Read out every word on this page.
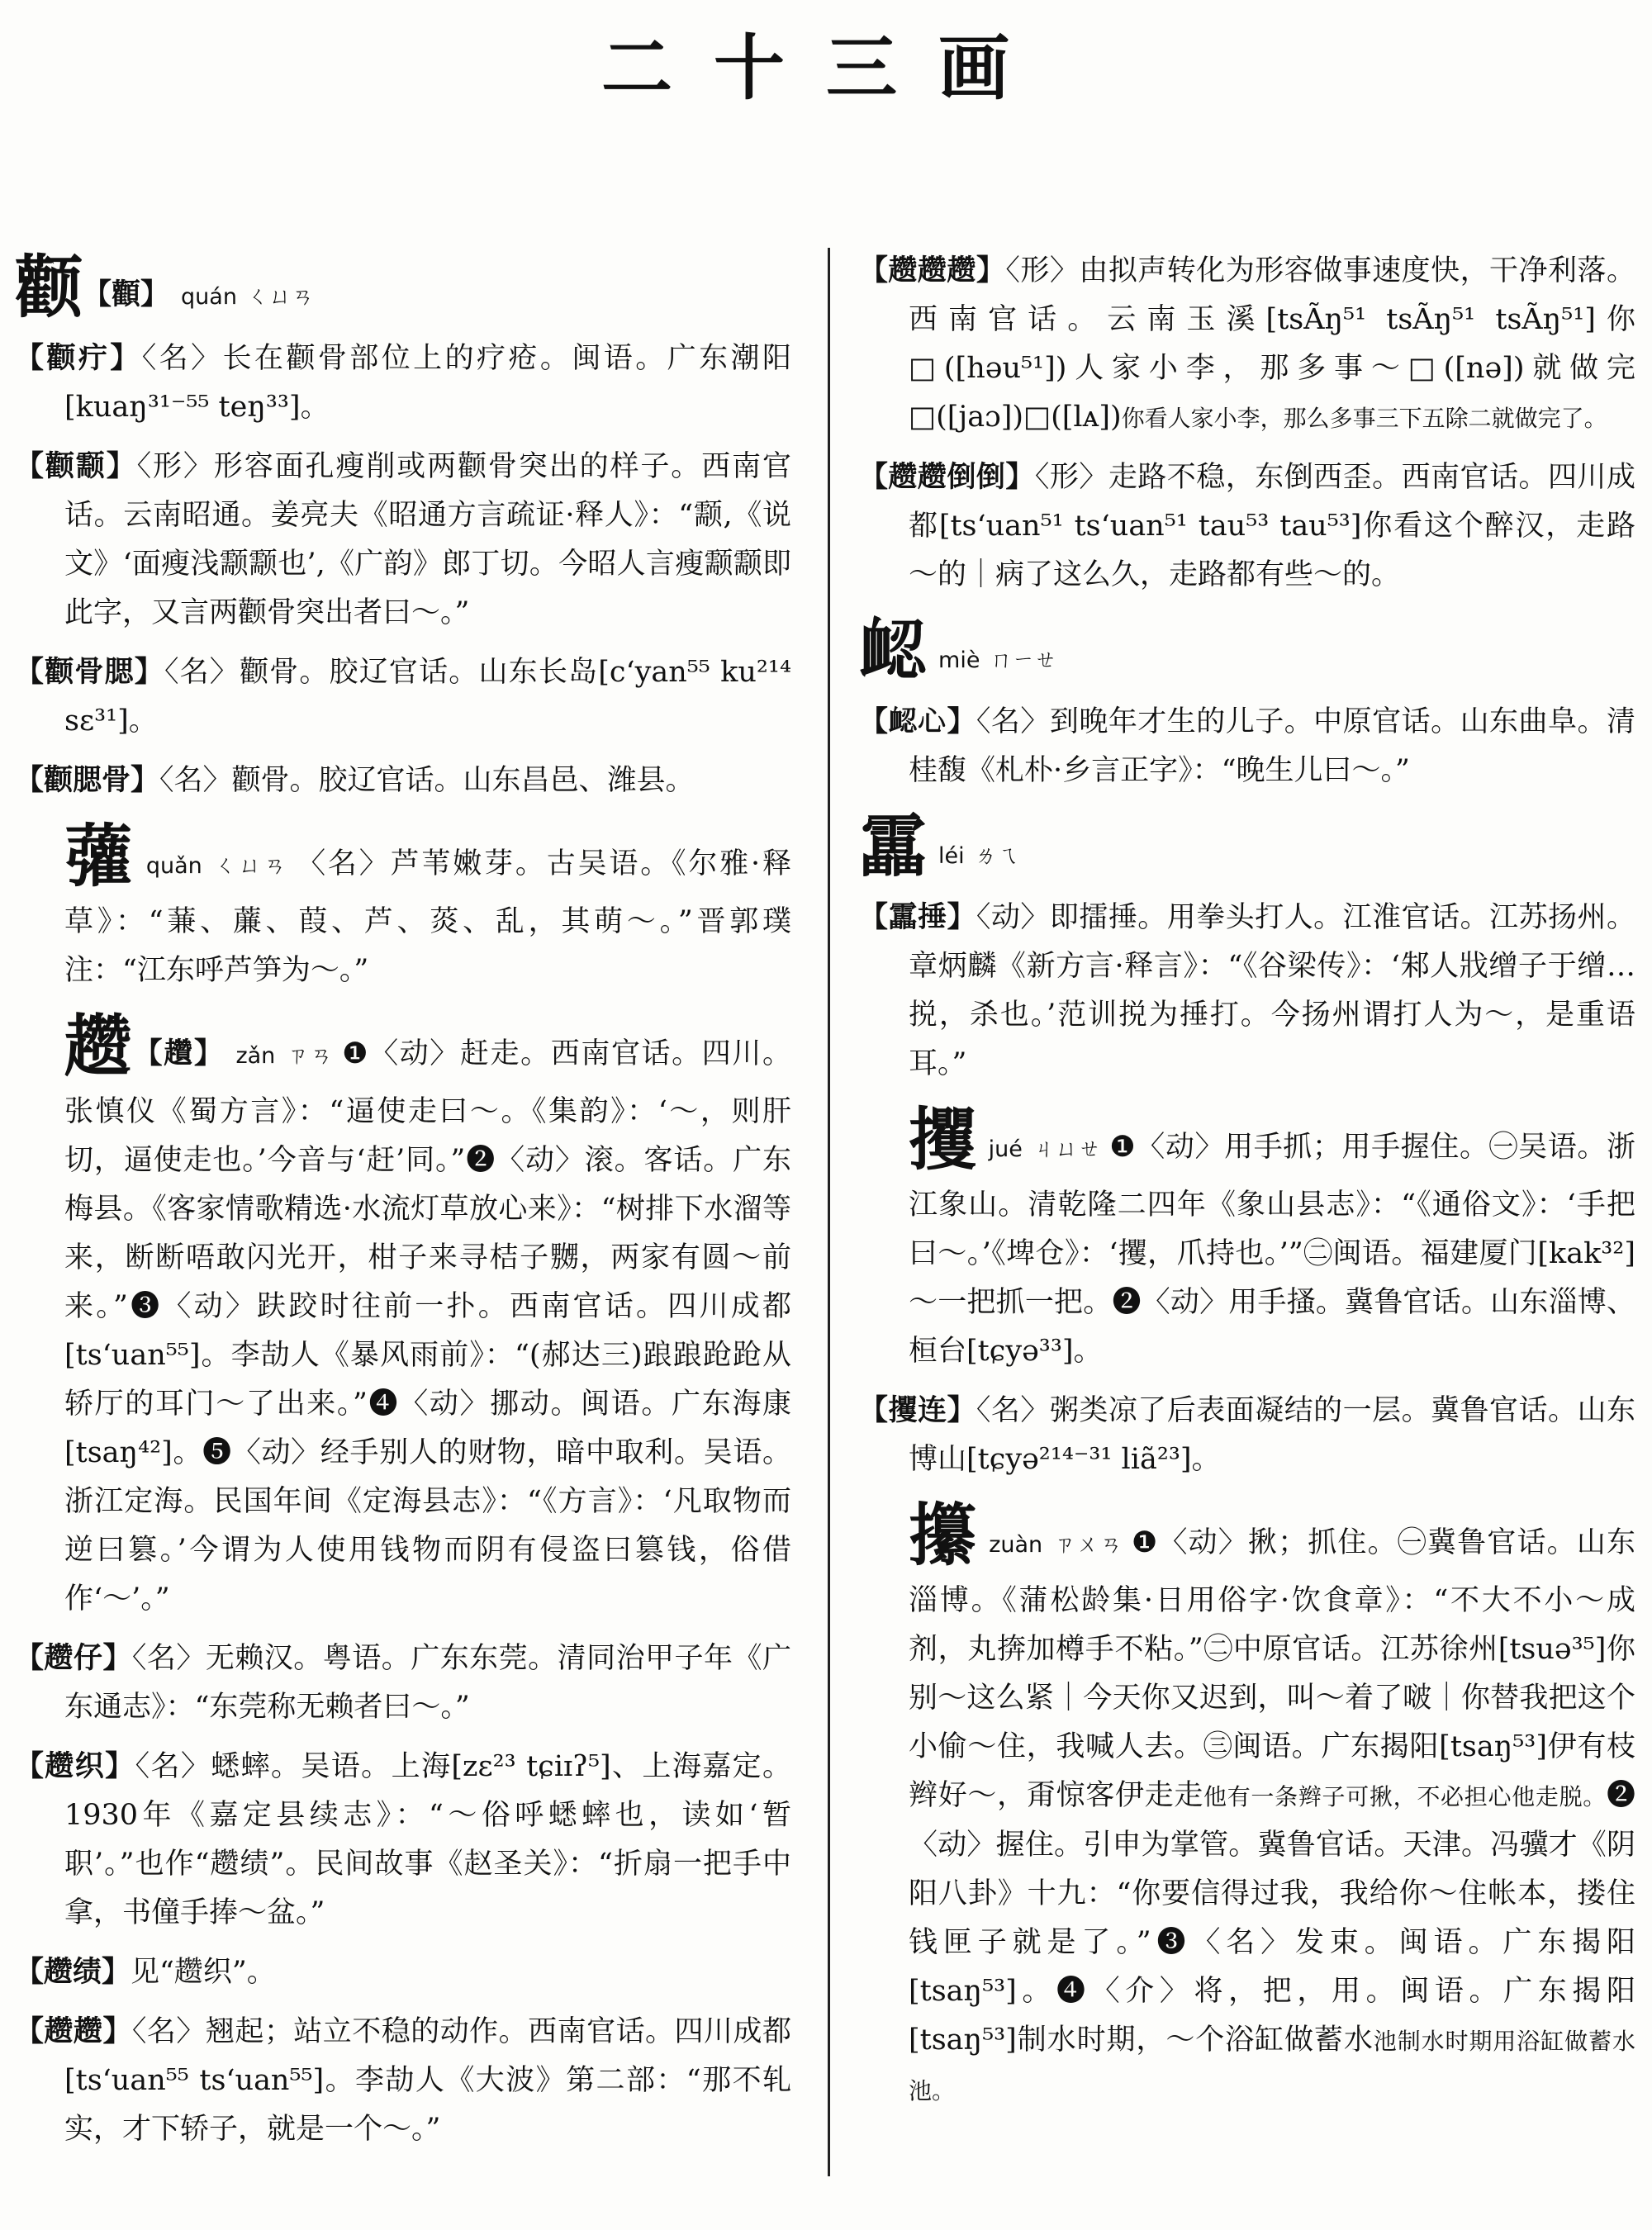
二十三画
颧【顴】 quán ㄑㄩㄢ

【颧疔】〈名〉长在颧骨部位上的疗疮。闽语。广东潮阳[kuaŋ³¹⁻⁵⁵ teŋ³³]。

【颧颥】〈形〉形容面孔瘦削或两颧骨突出的样子。西南官话。云南昭通。姜亮夫《昭通方言疏证·释人》：“颥,《说文》‘面瘦浅颥颥也’,《广韵》郎丁切。今昭人言瘦颥颥即此字，又言两颧骨突出者曰～。”

【颧骨腮】〈名〉颧骨。胶辽官话。山东长岛[c‘yan⁵⁵ ku²¹⁴ sɛ³¹]。

【颧腮骨】〈名〉颧骨。胶辽官话。山东昌邑、潍县。

虇quǎn ㄑㄩㄢ 〈名〉芦苇嫩芽。古吴语。《尔雅·释草》：“蒹、薕、葭、芦、菼、乱，其萌～。”晋郭璞注：“江东呼芦笋为～。”

趱【趲】 zǎn ㄗㄢ ❶〈动〉赶走。西南官话。四川。张慎仪《蜀方言》：“逼使走曰～。《集韵》：‘～，则肝切，逼使走也。’今音与‘赶’同。”❷〈动〉滚。客话。广东梅县。《客家情歌精选·水流灯草放心来》：“树排下水溜等来，断断唔敢闪光开，柑子来寻桔子嬲，两家有圆～前来。”❸〈动〉趺跤时往前一扑。西南官话。四川成都[ts‘uan⁵⁵]。李劼人《暴风雨前》：“(郝达三)踉踉跄跄从轿厅的耳门～了出来。”❹〈动〉挪动。闽语。广东海康[tsaŋ⁴²]。❺〈动〉经手别人的财物，暗中取利。吴语。浙江定海。民国年间《定海县志》：“《方言》：‘凡取物而逆曰篡。’今谓为人使用钱物而阴有侵盗曰篡钱，俗借作‘～’。”

【趱仔】〈名〉无赖汉。粤语。广东东莞。清同治甲子年《广东通志》：“东莞称无赖者曰～。”

【趱织】〈名〉蟋蟀。吴语。上海[zɛ²³ tɕiɪʔ⁵]、上海嘉定。1930年《嘉定县续志》：“～俗呼蟋蟀也，读如‘暂职’。”也作“趱绩”。民间故事《赵圣关》：“折扇一把手中拿，书僮手捧～盆。”

【趱绩】见“趱织”。

【趱趱】〈名〉翘起；站立不稳的动作。西南官话。四川成都[ts‘uan⁵⁵ ts‘uan⁵⁵]。李劼人《大波》第二部：“那不轧实，才下轿子，就是一个～。”

【趱趱趱】〈形〉由拟声转化为形容做事速度快，干净利落。西南官话。云南玉溪[tsÃŋ⁵¹ tsÃŋ⁵¹ tsÃŋ⁵¹]你□([həu⁵¹])人家小李，那多事～□([nə])就做完□([jaɔ])□([lᴀ])你看人家小李，那么多事三下五除二就做完了。

【趱趱倒倒】〈形〉走路不稳，东倒西歪。西南官话。四川成都[ts‘uan⁵¹ ts‘uan⁵¹ tau⁵³ tau⁵³]你看这个醉汉，走路～的｜病了这么久，走路都有些～的。

𧖷miè ㄇㄧㄝ

【𧖷心】〈名〉到晚年才生的儿子。中原官话。山东曲阜。清桂馥《札朴·乡言正字》：“晚生儿曰～。”

靁léi ㄌㄟ

【靁捶】〈动〉即擂捶。用拳头打人。江淮官话。江苏扬州。章炳麟《新方言·释言》：“《谷梁传》：‘邾人戕缯子于缯…捝，杀也。’范训捝为捶打。今扬州谓打人为～，是重语耳。”

攫jué ㄐㄩㄝ ❶〈动〉用手抓；用手握住。㊀吴语。浙江象山。清乾隆二四年《象山县志》：“《通俗文》：‘手把曰～。’《埤仓》：‘攫，爪持也。’”㊁闽语。福建厦门[kak³²]～一把抓一把。❷〈动〉用手搔。冀鲁官话。山东淄博、桓台[tɕyə³³]。

【攫连】〈名〉粥类凉了后表面凝结的一层。冀鲁官话。山东博山[tɕyə²¹⁴⁻³¹ liã²³]。

攥zuàn ㄗㄨㄢ ❶〈动〉揪；抓住。㊀冀鲁官话。山东淄博。《蒲松龄集·日用俗字·饮食章》：“不大不小～成剂，丸捹加樽手不粘。”㊁中原官话。江苏徐州[tsuə³⁵]你别～这么紧｜今天你又迟到，叫～着了啵｜你替我把这个小偷～住，我喊人去。㊂闽语。广东揭阳[tsaŋ⁵³]伊有枝辫好～，甭惊客伊走走他有一条辫子可揪，不必担心他走脱。❷〈动〉握住。引申为掌管。冀鲁官话。天津。冯骥才《阴阳八卦》十九：“你要信得过我，我给你～住帐本，搂住钱匣子就是了。”❸〈名〉发束。闽语。广东揭阳[tsaŋ⁵³]。❹〈介〉将，把，用。闽语。广东揭阳[tsaŋ⁵³]制水时期，～个浴缸做蓄水池制水时期用浴缸做蓄水池。
